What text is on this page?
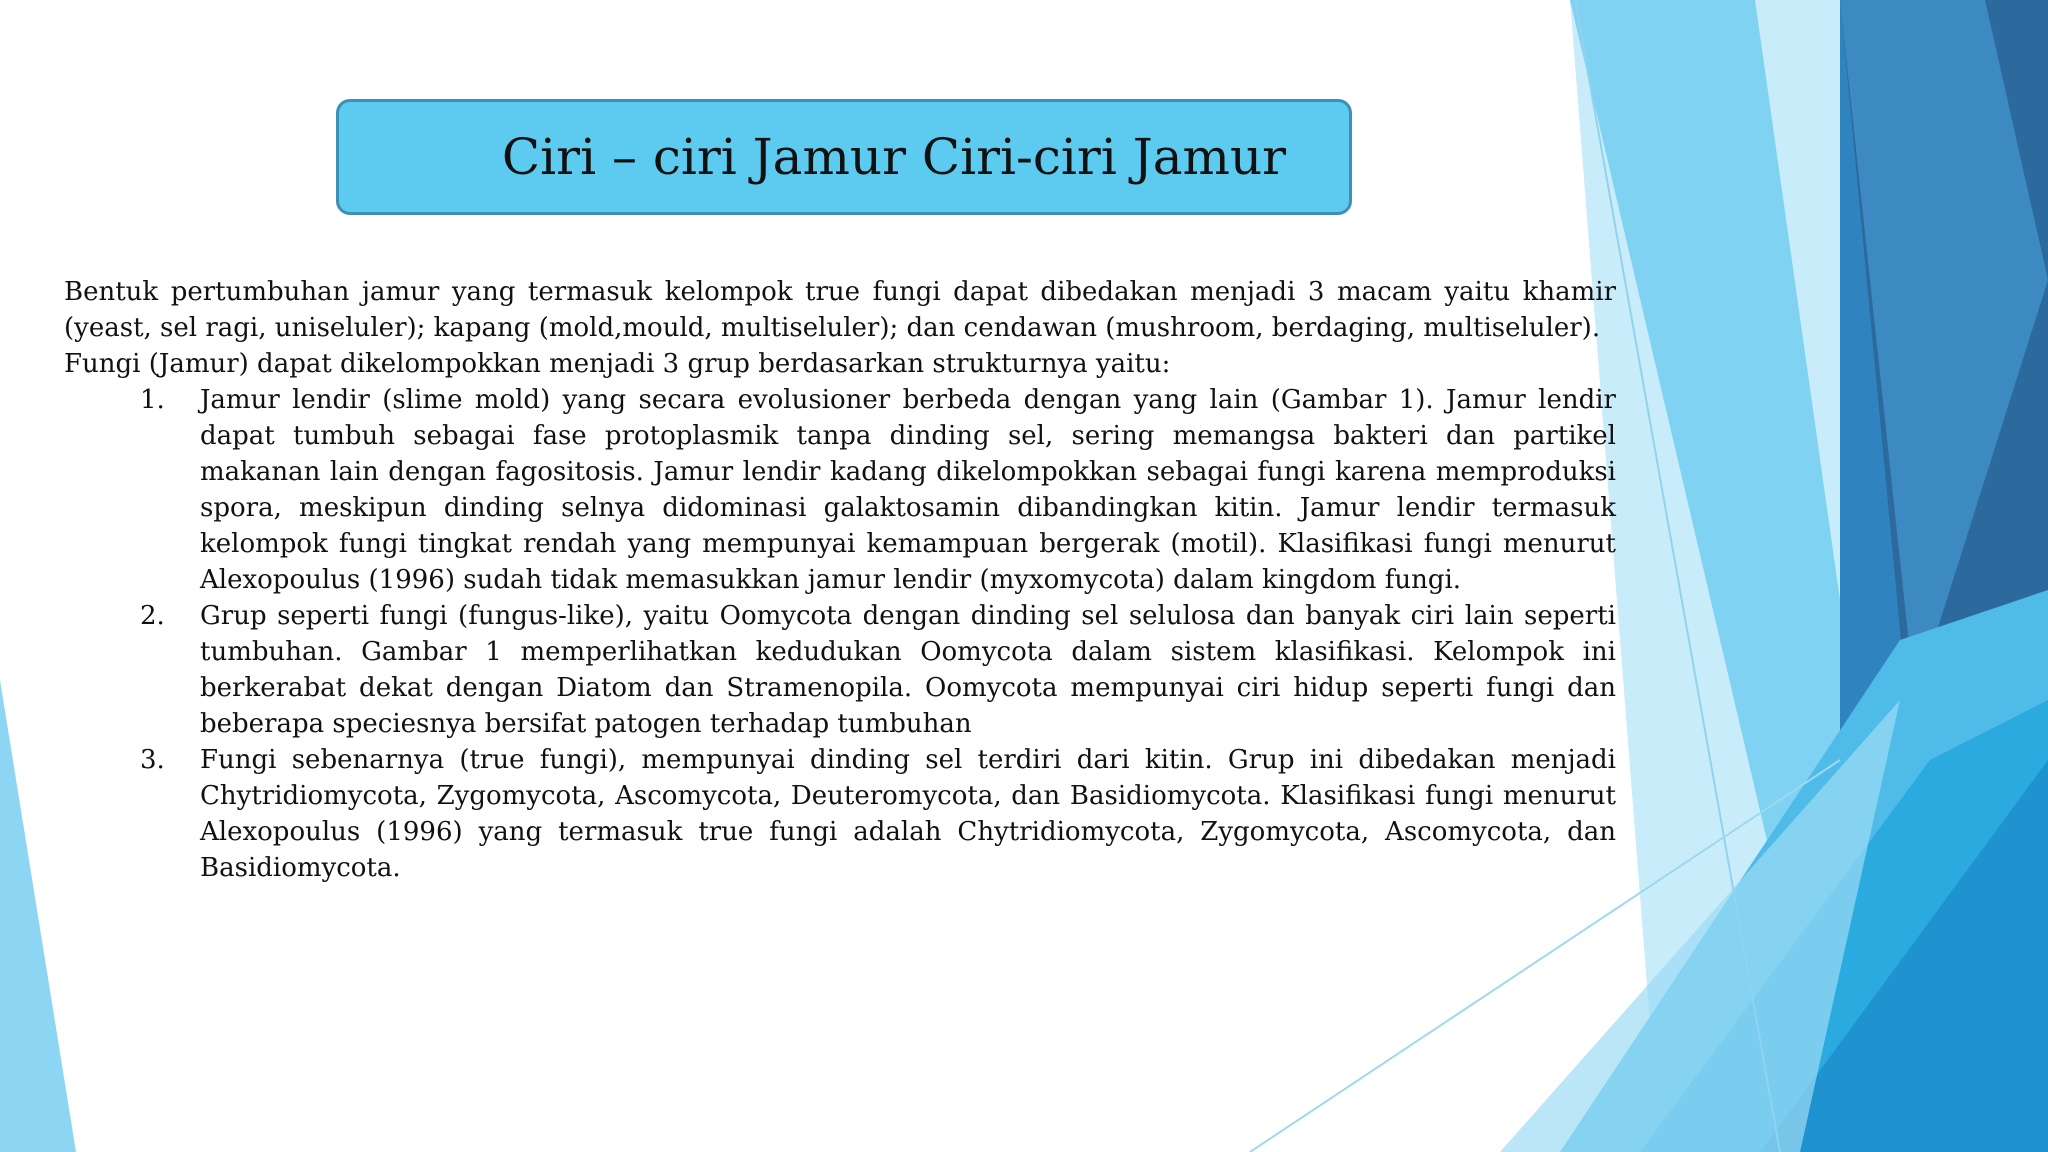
Ciri – ciri Jamur Ciri-ciri Jamur

Bentuk pertumbuhan jamur yang termasuk kelompok true fungi dapat dibedakan menjadi 3 macam yaitu khamir (yeast, sel ragi, uniseluler); kapang (mold,mould, multiseluler); dan cendawan (mushroom, berdaging, multiseluler).

Fungi (Jamur) dapat dikelompokkan menjadi 3 grup berdasarkan strukturnya yaitu:

1. Jamur lendir (slime mold) yang secara evolusioner berbeda dengan yang lain (Gambar 1). Jamur lendir dapat tumbuh sebagai fase protoplasmik tanpa dinding sel, sering memangsa bakteri dan partikel makanan lain dengan fagositosis. Jamur lendir kadang dikelompokkan sebagai fungi karena memproduksi spora, meskipun dinding selnya didominasi galaktosamin dibandingkan kitin. Jamur lendir termasuk kelompok fungi tingkat rendah yang mempunyai kemampuan bergerak (motil). Klasifikasi fungi menurut Alexopoulus (1996) sudah tidak memasukkan jamur lendir (myxomycota) dalam kingdom fungi.
2. Grup seperti fungi (fungus-like), yaitu Oomycota dengan dinding sel selulosa dan banyak ciri lain seperti tumbuhan. Gambar 1 memperlihatkan kedudukan Oomycota dalam sistem klasifikasi. Kelompok ini berkerabat dekat dengan Diatom dan Stramenopila. Oomycota mempunyai ciri hidup seperti fungi dan beberapa speciesnya bersifat patogen terhadap tumbuhan
3. Fungi sebenarnya (true fungi), mempunyai dinding sel terdiri dari kitin. Grup ini dibedakan menjadi Chytridiomycota, Zygomycota, Ascomycota, Deuteromycota, dan Basidiomycota. Klasifikasi fungi menurut Alexopoulus (1996) yang termasuk true fungi adalah Chytridiomycota, Zygomycota, Ascomycota, dan Basidiomycota.
